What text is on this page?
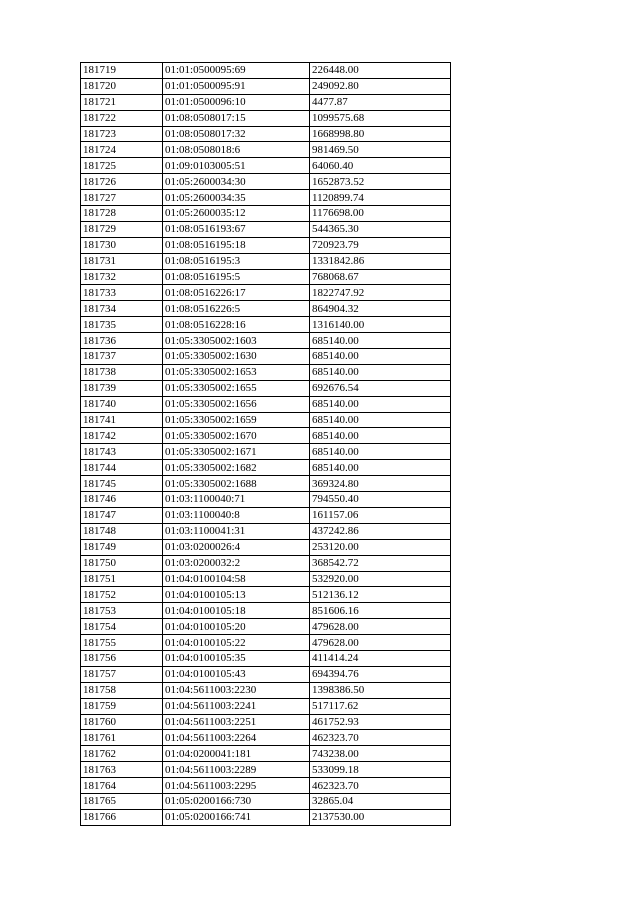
181719	01:01:0500095:69	226448.00
181720	01:01:0500095:91	249092.80
181721	01:01:0500096:10	4477.87
181722	01:08:0508017:15	1099575.68
181723	01:08:0508017:32	1668998.80
181724	01:08:0508018:6	981469.50
181725	01:09:0103005:51	64060.40
181726	01:05:2600034:30	1652873.52
181727	01:05:2600034:35	1120899.74
181728	01:05:2600035:12	1176698.00
181729	01:08:0516193:67	544365.30
181730	01:08:0516195:18	720923.79
181731	01:08:0516195:3	1331842.86
181732	01:08:0516195:5	768068.67
181733	01:08:0516226:17	1822747.92
181734	01:08:0516226:5	864904.32
181735	01:08:0516228:16	1316140.00
181736	01:05:3305002:1603	685140.00
181737	01:05:3305002:1630	685140.00
181738	01:05:3305002:1653	685140.00
181739	01:05:3305002:1655	692676.54
181740	01:05:3305002:1656	685140.00
181741	01:05:3305002:1659	685140.00
181742	01:05:3305002:1670	685140.00
181743	01:05:3305002:1671	685140.00
181744	01:05:3305002:1682	685140.00
181745	01:05:3305002:1688	369324.80
181746	01:03:1100040:71	794550.40
181747	01:03:1100040:8	161157.06
181748	01:03:1100041:31	437242.86
181749	01:03:0200026:4	253120.00
181750	01:03:0200032:2	368542.72
181751	01:04:0100104:58	532920.00
181752	01:04:0100105:13	512136.12
181753	01:04:0100105:18	851606.16
181754	01:04:0100105:20	479628.00
181755	01:04:0100105:22	479628.00
181756	01:04:0100105:35	411414.24
181757	01:04:0100105:43	694394.76
181758	01:04:5611003:2230	1398386.50
181759	01:04:5611003:2241	517117.62
181760	01:04:5611003:2251	461752.93
181761	01:04:5611003:2264	462323.70
181762	01:04:0200041:181	743238.00
181763	01:04:5611003:2289	533099.18
181764	01:04:5611003:2295	462323.70
181765	01:05:0200166:730	32865.04
181766	01:05:0200166:741	2137530.00
